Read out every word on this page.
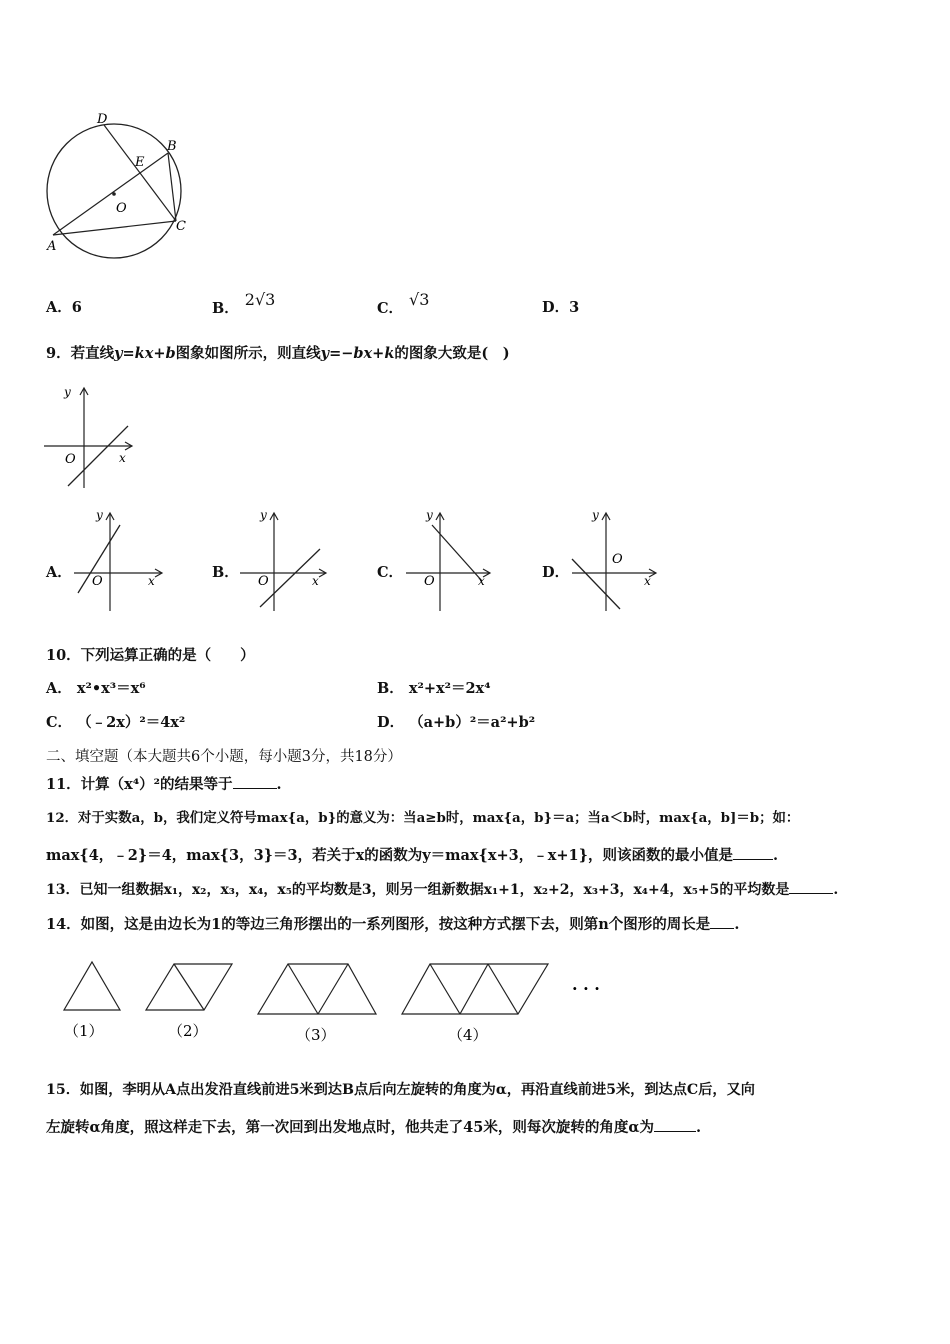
D
B
E
O
A
C
A．6	B． 2√3	C． √3	D．3
9．若直线y=kx+b图象如图所示，则直线y=−bx+k的图象大致是(　)
y
x
O
A．
y
x
O
B．
y
x
O
C．
y
x
O
D．
y
x
O
10．下列运算正确的是（　　）
A． x²•x³＝x⁶	B． x²+x²＝2x⁴
C． （﹣2x）²＝4x²	D． （a+b）²＝a²+b²
二、填空题（本大题共6个小题，每小题3分，共18分）
11．计算（x⁴）²的结果等于	.
12．对于实数a，b，我们定义符号max{a，b}的意义为：当a≥b时，max{a，b}＝a；当a＜b时，max{a，b]＝b；如：
max{4，﹣2}＝4，max{3，3}＝3，若关于x的函数为y＝max{x+3，﹣x+1}，则该函数的最小值是	.
13．已知一组数据x₁，x₂，x₃，x₄，x₅的平均数是3，则另一组新数据x₁+1，x₂+2，x₃+3，x₄+4，x₅+5的平均数是	.
14．如图，这是由边长为1的等边三角形摆出的一系列图形，按这种方式摆下去，则第n个图形的周长是 .
（1）	（2）	（3）	（4）
· · ·
15．如图，李明从A点出发沿直线前进5米到达B点后向左旋转的角度为α，再沿直线前进5米，到达点C后，又向
左旋转α角度，照这样走下去，第一次回到出发地点时，他共走了45米，则每次旋转的角度α为	.
